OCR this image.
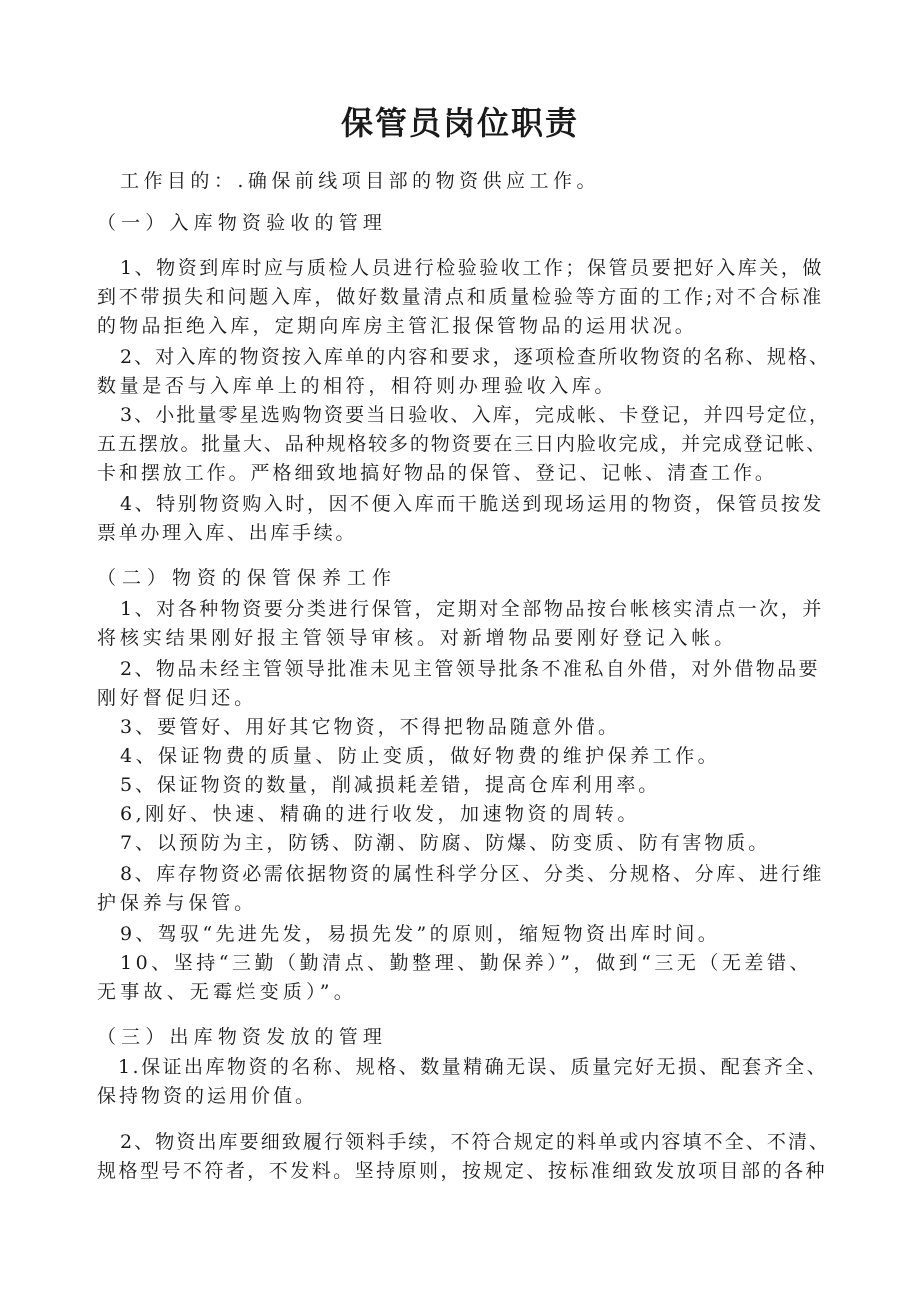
保管员岗位职责
工作目的：.确保前线项目部的物资供应工作。
（一）入库物资验收的管理
1、物资到库时应与质检人员进行检验验收工作；保管员要把好入库关，做
到不带损失和问题入库，做好数量清点和质量检验等方面的工作;对不合标准
的物品拒绝入库，定期向库房主管汇报保管物品的运用状况。
2、对入库的物资按入库单的内容和要求，逐项检查所收物资的名称、规格、
数量是否与入库单上的相符，相符则办理验收入库。
3、小批量零星选购物资要当日验收、入库，完成帐、卡登记，并四号定位，
五五摆放。批量大、品种规格较多的物资要在三日内脸收完成，并完成登记帐、
卡和摆放工作。严格细致地搞好物品的保管、登记、记帐、清查工作。
4、特别物资购入时，因不便入库而干脆送到现场运用的物资，保管员按发
票单办理入库、出库手续。
（二）物资的保管保养工作
1、对各种物资要分类进行保管，定期对全部物品按台帐核实清点一次，并
将核实结果刚好报主管领导审核。对新增物品要刚好登记入帐。
2、物品未经主管领导批准未见主管领导批条不准私自外借，对外借物品要
刚好督促归还。
3、要管好、用好其它物资，不得把物品随意外借。
4、保证物费的质量、防止变质，做好物费的维护保养工作。
5、保证物资的数量，削减损耗差错，提高仓库利用率。
6,刚好、快速、精确的进行收发，加速物资的周转。
7、以预防为主，防锈、防潮、防腐、防爆、防变质、防有害物质。
8、库存物资必需依据物资的属性科学分区、分类、分规格、分库、进行维
护保养与保管。
9、驾驭“先进先发，易损先发”的原则，缩短物资出库时间。
10、坚持“三勤（勤清点、勤整理、勤保养）”，做到“三无（无差错、
无事故、无霉烂变质）”。
（三）出库物资发放的管理
1.保证出库物资的名称、规格、数量精确无误、质量完好无损、配套齐全、
保持物资的运用价值。
2、物资出库要细致履行领料手续，不符合规定的料单或内容填不全、不清、
规格型号不符者，不发料。坚持原则，按规定、按标准细致发放项目部的各种
